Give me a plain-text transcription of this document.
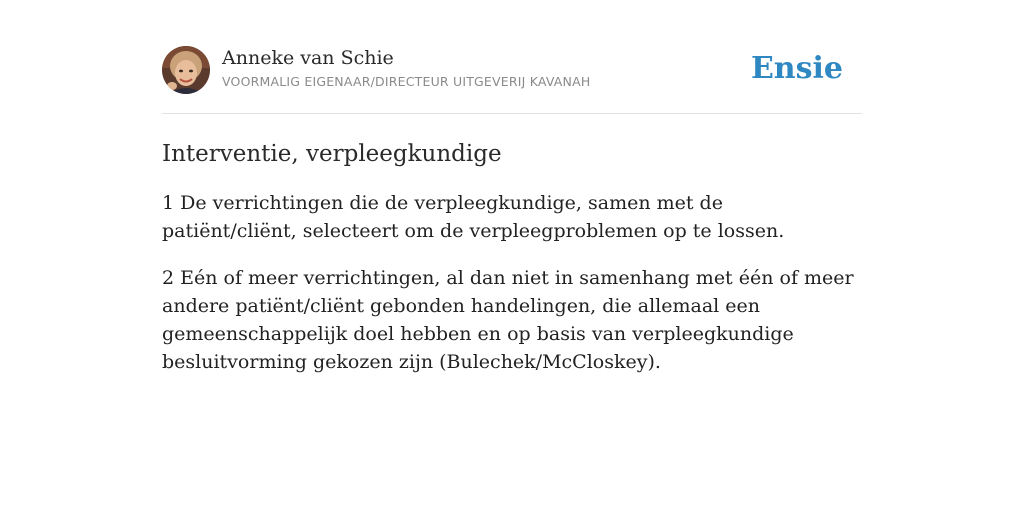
Anneke van Schie
VOORMALIG EIGENAAR/DIRECTEUR UITGEVERIJ KAVANAH	Ensie
Interventie, verpleegkundige

1 De verrichtingen die de verpleegkundige, samen met de patiënt/cliënt, selecteert om de verpleegproblemen op te lossen.

2 Eén of meer verrichtingen, al dan niet in samenhang met één of meer andere patiënt/cliënt gebonden handelingen, die allemaal een gemeenschappelijk doel hebben en op basis van verpleegkundige besluitvorming gekozen zijn (Bulechek/McCloskey).
